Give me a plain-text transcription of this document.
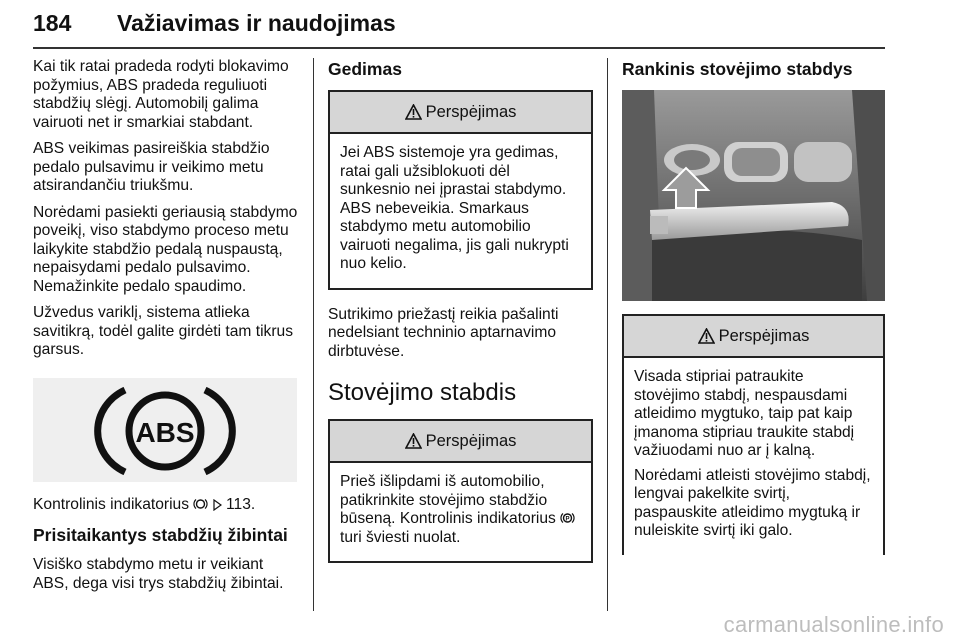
184 Važiavimas ir naudojimas

Kai tik ratai pradeda rodyti blokavimo požymius, ABS pradeda reguliuoti stabdžių slėgį. Automobilį galima vairuoti net ir smarkiai stabdant.

ABS veikimas pasireiškia stabdžio pedalo pulsavimu ir veikimo metu atsirandančiu triukšmu.

Norėdami pasiekti geriausią stabdymo poveikį, viso stabdymo proceso metu laikykite stabdžio pedalą nuspaustą, nepaisydami pedalo pulsavimo. Nemažinkite pedalo spaudimo.

Užvedus variklį, sistema atlieka savitikrą, todėl galite girdėti tam tikrus garsus.

ABS

Kontrolinis indikatorius   113.

Prisitaikantys stabdžių žibintai

Visiško stabdymo metu ir veikiant ABS, dega visi trys stabdžių žibintai.

Gedimas

Perspėjimas

Jei ABS sistemoje yra gedimas, ratai gali užsiblokuoti dėl sunkesnio nei įprastai stabdymo. ABS nebeveikia. Smarkaus stabdymo metu automobilio vairuoti negalima, jis gali nukrypti nuo kelio.

Sutrikimo priežastį reikia pašalinti nedelsiant techninio aptarnavimo dirbtuvėse.

Stovėjimo stabdis

Perspėjimas

Prieš išlipdami iš automobilio, patikrinkite stovėjimo stabdžio būseną. Kontrolinis indikatorius P
turi šviesti nuolat.

Rankinis stovėjimo stabdys

Perspėjimas

Visada stipriai patraukite stovėjimo stabdį, nespausdami atleidimo mygtuko, taip pat kaip įmanoma stipriau traukite stabdį važiuodami nuo ar į kalną.

Norėdami atleisti stovėjimo stabdį, lengvai pakelkite svirtį, paspauskite atleidimo mygtuką ir nuleiskite svirtį iki galo.

carmanualsonline.info
